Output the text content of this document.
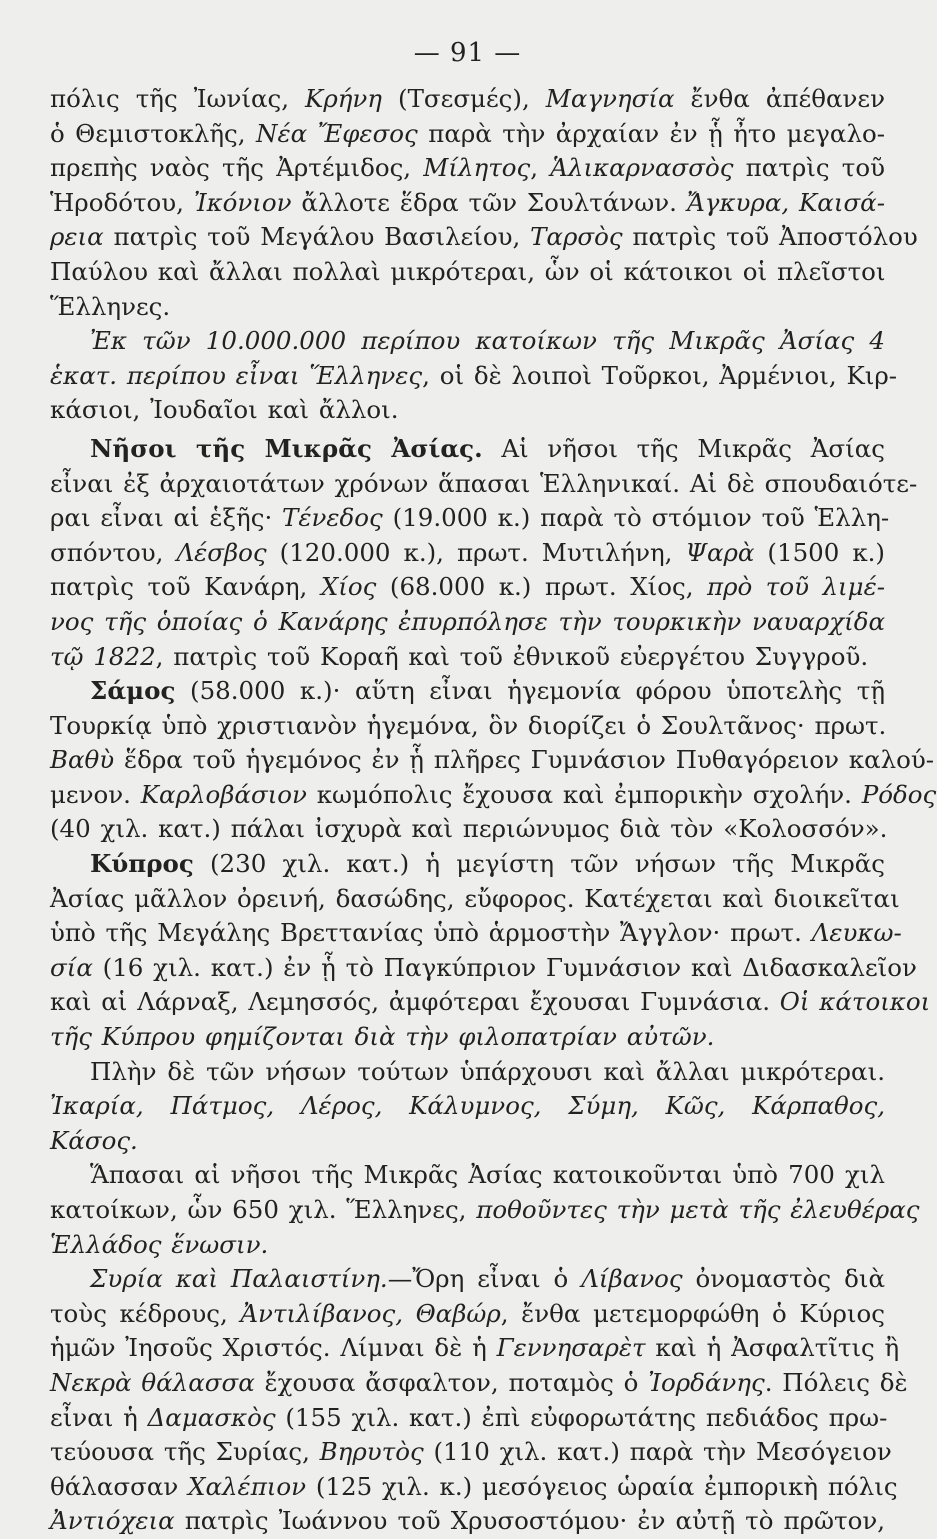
— 91 —
πόλις τῆς Ἰωνίας, Κρήνη (Τσεσμές), Μαγνησία ἔνθα ἀπέθανεν
ὁ Θεμιστοκλῆς, Νέα Ἔφεσος παρὰ τὴν ἀρχαίαν ἐν ᾗ ἦτο μεγαλο-
πρεπὴς ναὸς τῆς Ἀρτέμιδος, Μίλητος, Ἁλικαρνασσὸς πατρὶς τοῦ
Ἡροδότου, Ἰκόνιον ἄλλοτε ἕδρα τῶν Σουλτάνων. Ἄγκυρα, Καισά-
ρεια πατρὶς τοῦ Μεγάλου Βασιλείου, Ταρσὸς πατρὶς τοῦ Ἀποστόλου
Παύλου καὶ ἄλλαι πολλαὶ μικρότεραι, ὧν οἱ κάτοικοι οἱ πλεῖστοι
Ἕλληνες.
Ἐκ τῶν 10.000.000 περίπου κατοίκων τῆς Μικρᾶς Ἀσίας 4
ἑκατ. περίπου εἶναι Ἕλληνες, οἱ δὲ λοιποὶ Τοῦρκοι, Ἀρμένιοι, Κιρ-
κάσιοι, Ἰουδαῖοι καὶ ἄλλοι.
Νῆσοι τῆς Μικρᾶς Ἀσίας. Αἱ νῆσοι τῆς Μικρᾶς Ἀσίας
εἶναι ἐξ ἀρχαιοτάτων χρόνων ἅπασαι Ἑλληνικαί. Αἱ δὲ σπουδαιότε-
ραι εἶναι αἱ ἑξῆς· Τένεδος (19.000 κ.) παρὰ τὸ στόμιον τοῦ Ἑλλη-
σπόντου, Λέσβος (120.000 κ.), πρωτ. Μυτιλήνη, Ψαρὰ (1500 κ.)
πατρὶς τοῦ Κανάρη, Χίος (68.000 κ.) πρωτ. Χίος, πρὸ τοῦ λιμέ-
νος τῆς ὁποίας ὁ Κανάρης ἐπυρπόλησε τὴν τουρκικὴν ναυαρχίδα
τῷ 1822, πατρὶς τοῦ Κοραῆ καὶ τοῦ ἐθνικοῦ εὐεργέτου Συγγροῦ.
Σάμος (58.000 κ.)· αὕτη εἶναι ἡγεμονία φόρου ὑποτελὴς τῇ
Τουρκίᾳ ὑπὸ χριστιανὸν ἡγεμόνα, ὃν διορίζει ὁ Σουλτᾶνος· πρωτ.
Βαθὺ ἕδρα τοῦ ἡγεμόνος ἐν ᾗ πλῆρες Γυμνάσιον Πυθαγόρειον καλού-
μενον. Καρλοβάσιον κωμόπολις ἔχουσα καὶ ἐμπορικὴν σχολήν. Ρόδος
(40 χιλ. κατ.) πάλαι ἰσχυρὰ καὶ περιώνυμος διὰ τὸν «Κολοσσόν».
Κύπρος (230 χιλ. κατ.) ἡ μεγίστη τῶν νήσων τῆς Μικρᾶς
Ἀσίας μᾶλλον ὀρεινή, δασώδης, εὔφορος. Κατέχεται καὶ διοικεῖται
ὑπὸ τῆς Μεγάλης Βρεττανίας ὑπὸ ἁρμοστὴν Ἄγγλον· πρωτ. Λευκω-
σία (16 χιλ. κατ.) ἐν ᾗ τὸ Παγκύπριον Γυμνάσιον καὶ Διδασκαλεῖον
καὶ αἱ Λάρναξ, Λεμησσός, ἀμφότεραι ἔχουσαι Γυμνάσια. Οἱ κάτοικοι
τῆς Κύπρου φημίζονται διὰ τὴν φιλοπατρίαν αὐτῶν.
Πλὴν δὲ τῶν νήσων τούτων ὑπάρχουσι καὶ ἄλλαι μικρότεραι.
Ἰκαρία, Πάτμος, Λέρος, Κάλυμνος, Σύμη, Κῶς, Κάρπαθος,
Κάσος.
Ἅπασαι αἱ νῆσοι τῆς Μικρᾶς Ἀσίας κατοικοῦνται ὑπὸ 700 χιλ
κατοίκων, ὧν 650 χιλ. Ἕλληνες, ποθοῦντες τὴν μετὰ τῆς ἐλευθέρας
Ἑλλάδος ἕνωσιν.
Συρία καὶ Παλαιστίνη.—Ὄρη εἶναι ὁ Λίβανος ὀνομαστὸς διὰ
τοὺς κέδρους, Ἀντιλίβανος, Θαβώρ, ἔνθα μετεμορφώθη ὁ Κύριος
ἡμῶν Ἰησοῦς Χριστός. Λίμναι δὲ ἡ Γεννησαρὲτ καὶ ἡ Ἀσφαλτῖτις ἢ
Νεκρὰ θάλασσα ἔχουσα ἄσφαλτον, ποταμὸς ὁ Ἰορδάνης. Πόλεις δὲ
εἶναι ἡ Δαμασκὸς (155 χιλ. κατ.) ἐπὶ εὐφορωτάτης πεδιάδος πρω-
τεύουσα τῆς Συρίας, Βηρυτὸς (110 χιλ. κατ.) παρὰ τὴν Μεσόγειον
θάλασσαν Χαλέπιον (125 χιλ. κ.) μεσόγειος ὡραία ἐμπορικὴ πόλις
Ἀντιόχεια πατρὶς Ἰωάννου τοῦ Χρυσοστόμου· ἐν αὐτῇ τὸ πρῶτον,
